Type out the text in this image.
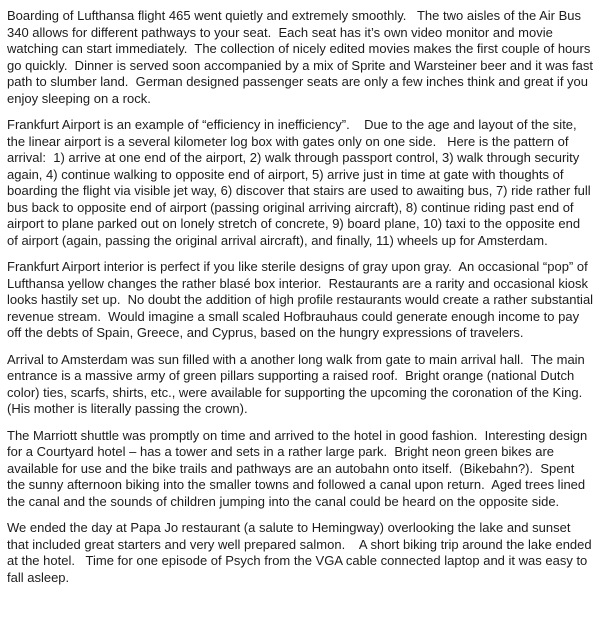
Boarding of Lufthansa flight 465 went quietly and extremely smoothly.   The two aisles of the Air Bus 340 allows for different pathways to your seat.  Each seat has it’s own video monitor and movie watching can start immediately.  The collection of nicely edited movies makes the first couple of hours go quickly.  Dinner is served soon accompanied by a mix of Sprite and Warsteiner beer and it was fast path to slumber land.  German designed passenger seats are only a few inches think and great if you enjoy sleeping on a rock.

Frankfurt Airport is an example of “efficiency in inefficiency”.    Due to the age and layout of the site, the linear airport is a several kilometer log box with gates only on one side.   Here is the pattern of arrival:  1) arrive at one end of the airport, 2) walk through passport control, 3) walk through security again, 4) continue walking to opposite end of airport, 5) arrive just in time at gate with thoughts of boarding the flight via visible jet way, 6) discover that stairs are used to awaiting bus, 7) ride rather full bus back to opposite end of airport (passing original arriving aircraft), 8) continue riding past end of airport to plane parked out on lonely stretch of concrete, 9) board plane, 10) taxi to the opposite end of airport (again, passing the original arrival aircraft), and finally, 11) wheels up for Amsterdam.

Frankfurt Airport interior is perfect if you like sterile designs of gray upon gray.  An occasional “pop” of Lufthansa yellow changes the rather blasé box interior.  Restaurants are a rarity and occasional kiosk looks hastily set up.  No doubt the addition of high profile restaurants would create a rather substantial revenue stream.  Would imagine a small scaled Hofbrauhaus could generate enough income to pay off the debts of Spain, Greece, and Cyprus, based on the hungry expressions of travelers.

Arrival to Amsterdam was sun filled with a another long walk from gate to main arrival hall.  The main entrance is a massive army of green pillars supporting a raised roof.  Bright orange (national Dutch color) ties, scarfs, shirts, etc., were available for supporting the upcoming the coronation of the King. (His mother is literally passing the crown).

The Marriott shuttle was promptly on time and arrived to the hotel in good fashion.  Interesting design for a Courtyard hotel – has a tower and sets in a rather large park.  Bright neon green bikes are available for use and the bike trails and pathways are an autobahn onto itself.  (Bikebahn?).  Spent the sunny afternoon biking into the smaller towns and followed a canal upon return.  Aged trees lined the canal and the sounds of children jumping into the canal could be heard on the opposite side.

We ended the day at Papa Jo restaurant (a salute to Hemingway) overlooking the lake and sunset that included great starters and very well prepared salmon.    A short biking trip around the lake ended at the hotel.   Time for one episode of Psych from the VGA cable connected laptop and it was easy to fall asleep.
